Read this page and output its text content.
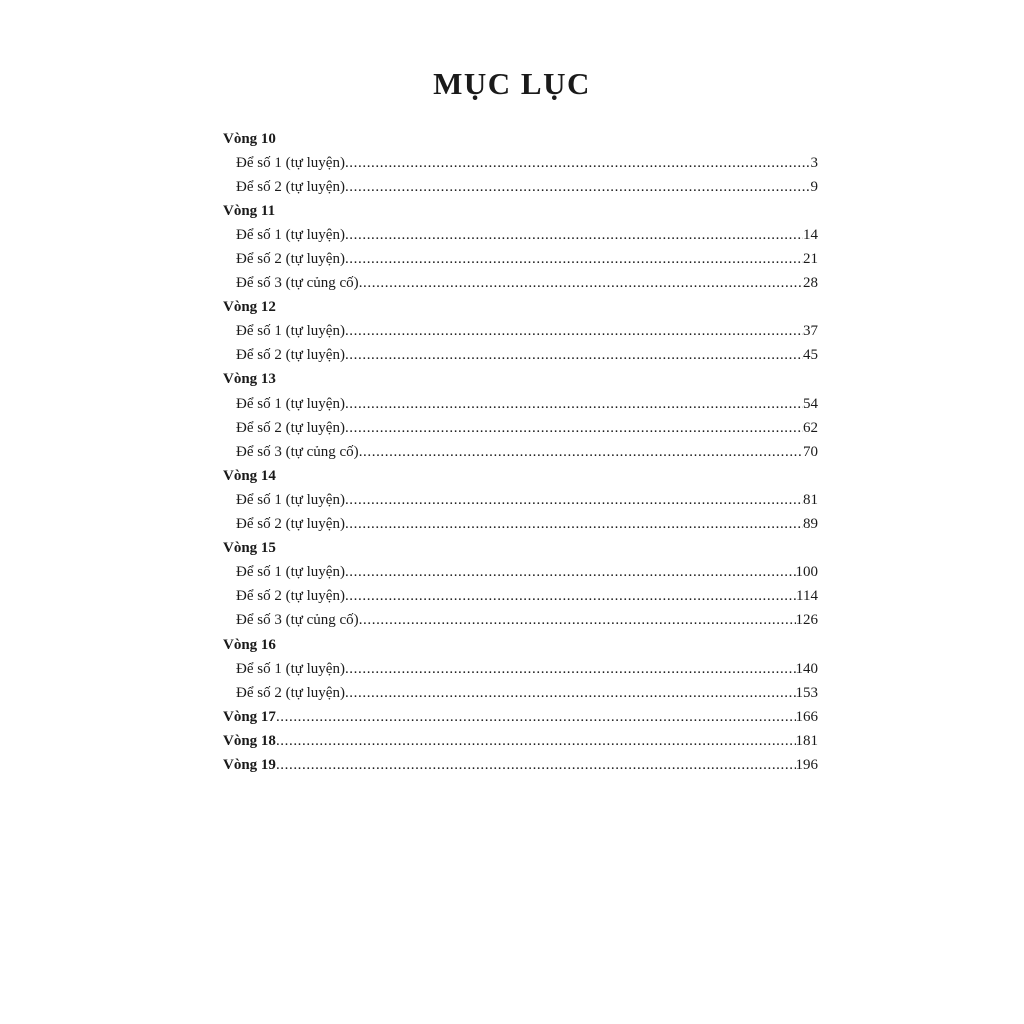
MỤC LỤC
Vòng 10
Để số 1 (tự luyện) .....	3
Để số 2 (tự luyện) .....	9
Vòng 11
Để số 1 (tự luyện) .....	14
Để số 2 (tự luyện) .....	21
Để số 3 (tự củng cố) .....	28
Vòng 12
Để số 1 (tự luyện) .....	37
Để số 2 (tự luyện) .....	45
Vòng 13
Để số 1 (tự luyện) .....	54
Để số 2 (tự luyện) .....	62
Để số 3 (tự củng cố) .....	70
Vòng 14
Để số 1 (tự luyện) .....	81
Để số 2 (tự luyện) .....	89
Vòng 15
Để số 1 (tự luyện) .....	100
Để số 2 (tự luyện) .....	114
Để số 3 (tự củng cố) .....	126
Vòng 16
Để số 1 (tự luyện) .....	140
Để số 2 (tự luyện) .....	153
Vòng 17 .....	166
Vòng 18 .....	181
Vòng 19 .....	196
